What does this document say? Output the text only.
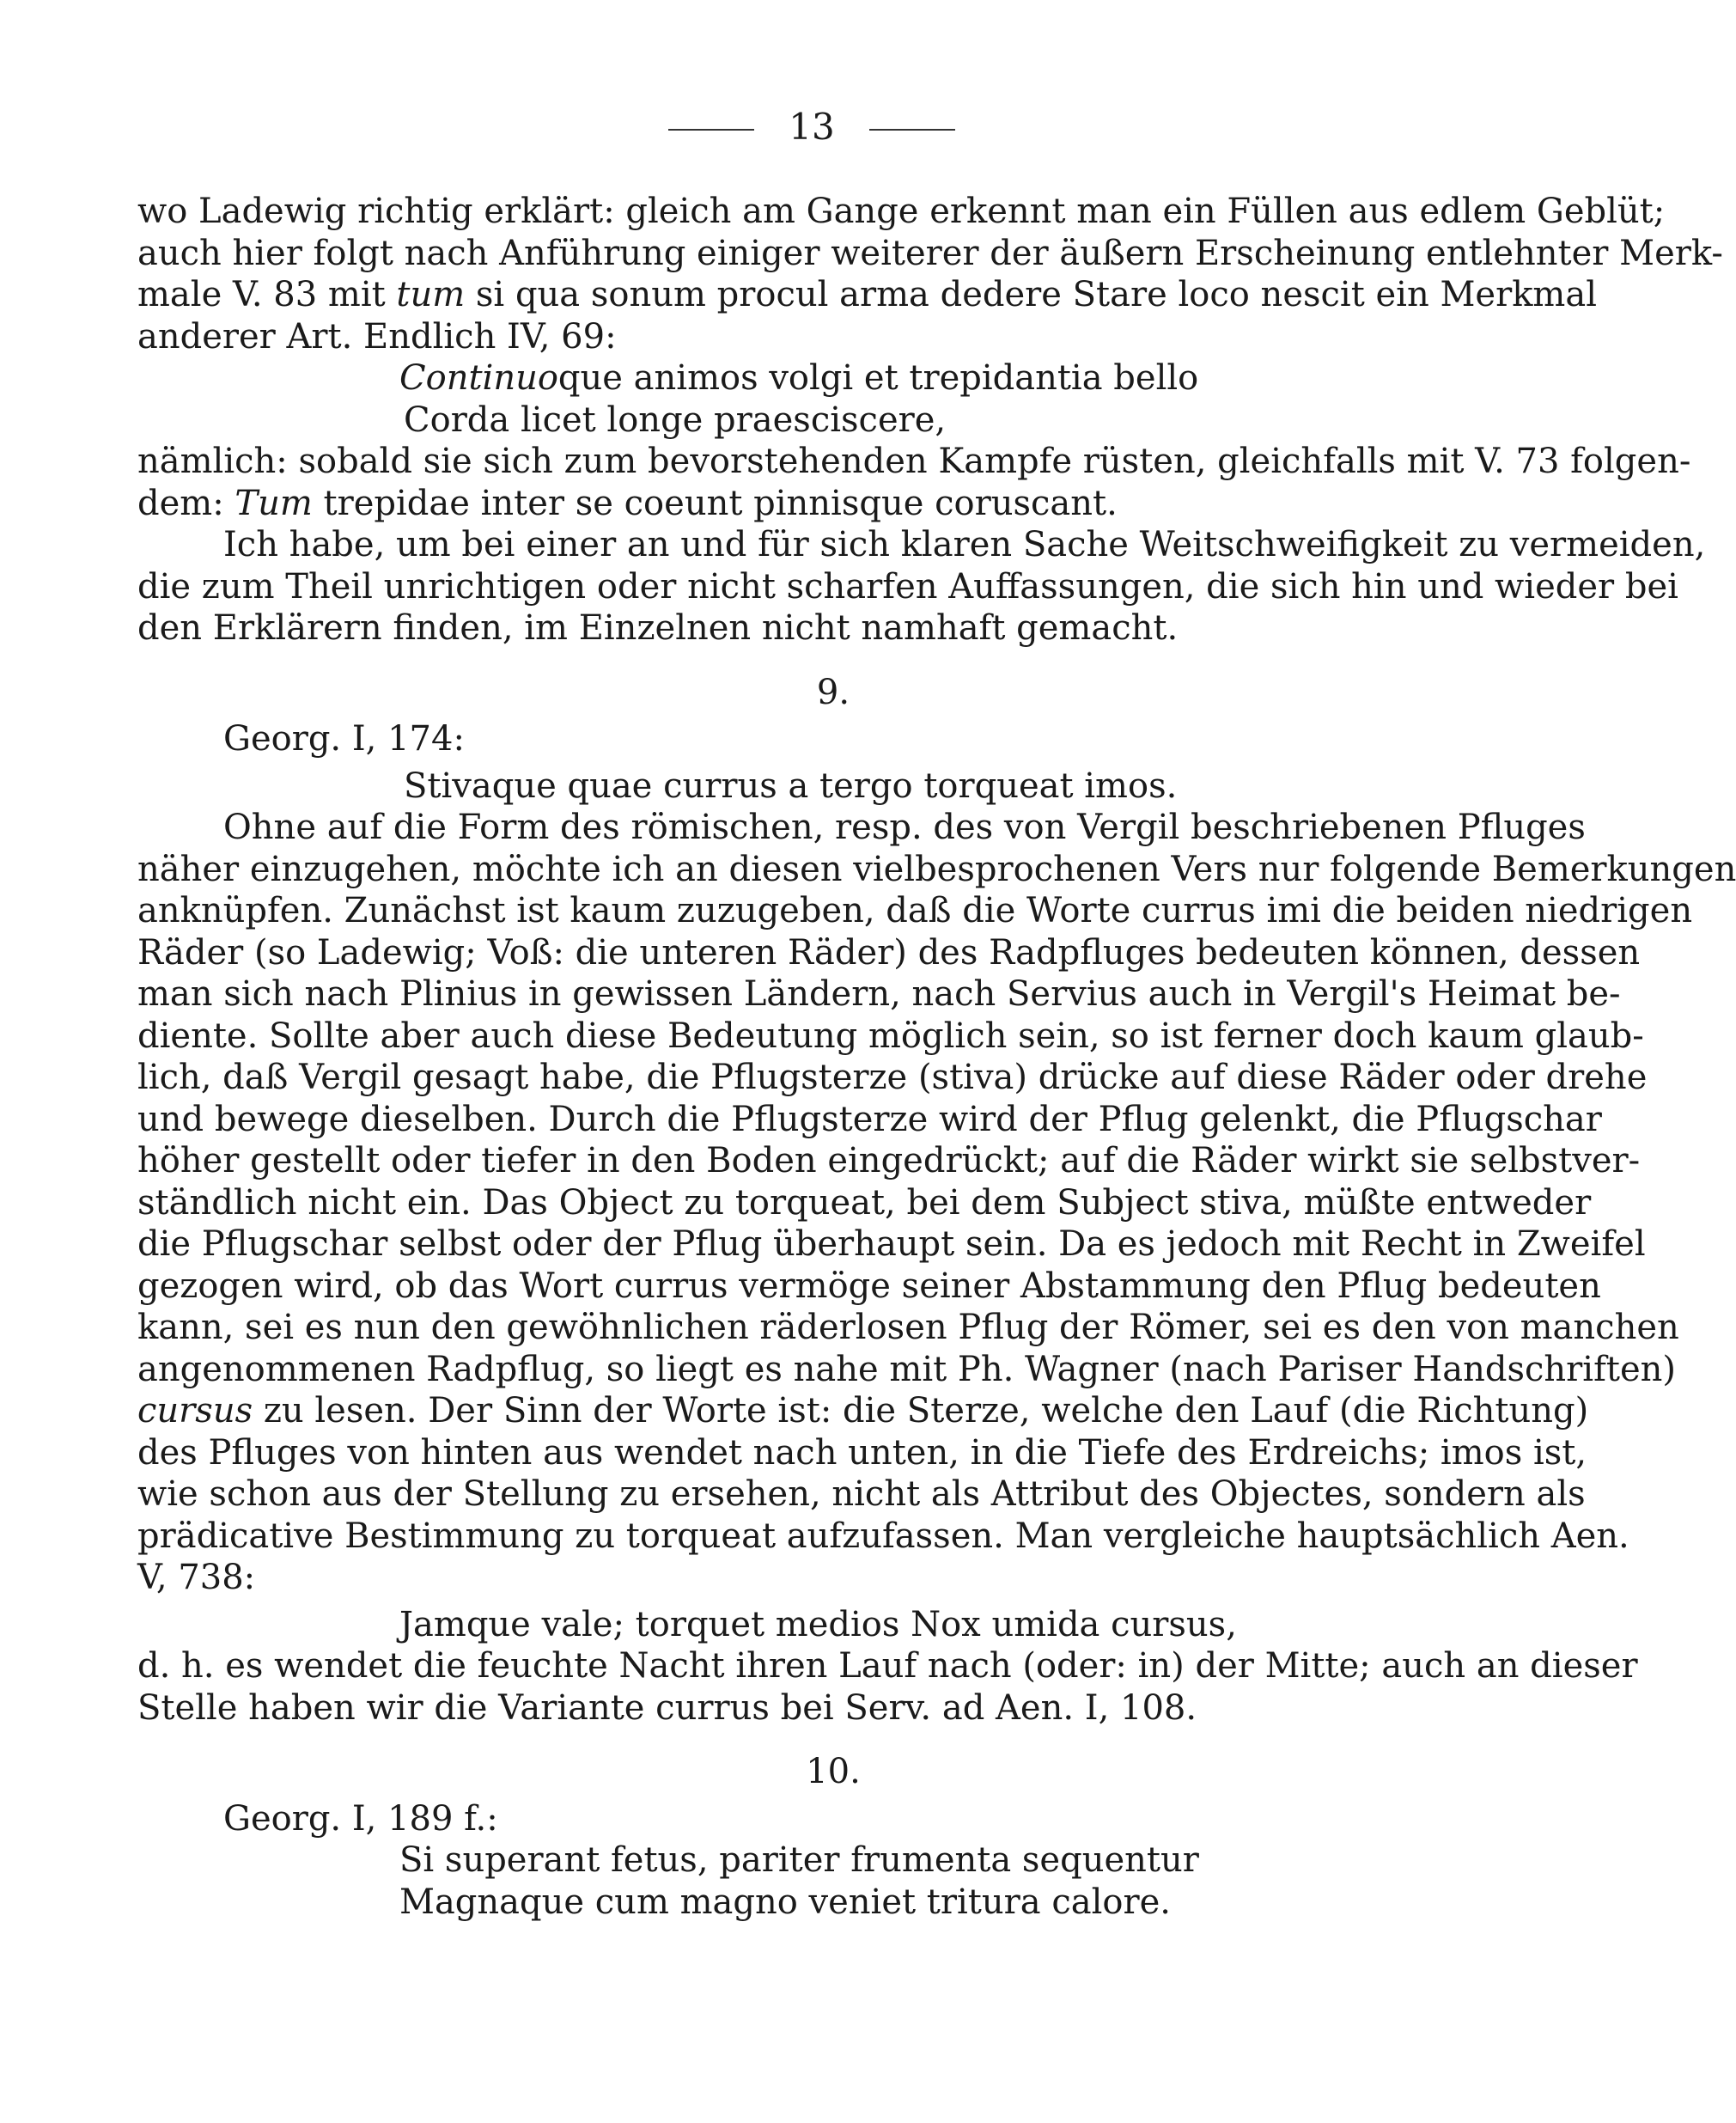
13
wo Ladewig richtig erklärt: gleich am Gange erkennt man ein Füllen aus edlem Geblüt;
auch hier folgt nach Anführung einiger weiterer der äußern Erscheinung entlehnter Merk-
male V. 83 mit tum si qua sonum procul arma dedere Stare loco nescit ein Merkmal
anderer Art. Endlich IV, 69:
Continuoque animos volgi et trepidantia bello
Corda licet longe praesciscere,
nämlich: sobald sie sich zum bevorstehenden Kampfe rüsten, gleichfalls mit V. 73 folgen-
dem: Tum trepidae inter se coeunt pinnisque coruscant.
Ich habe, um bei einer an und für sich klaren Sache Weitschweifigkeit zu vermeiden,
die zum Theil unrichtigen oder nicht scharfen Auffassungen, die sich hin und wieder bei
den Erklärern finden, im Einzelnen nicht namhaft gemacht.
9.
Georg. I, 174:
Stivaque quae currus a tergo torqueat imos.
Ohne auf die Form des römischen, resp. des von Vergil beschriebenen Pfluges
näher einzugehen, möchte ich an diesen vielbesprochenen Vers nur folgende Bemerkungen
anknüpfen. Zunächst ist kaum zuzugeben, daß die Worte currus imi die beiden niedrigen
Räder (so Ladewig; Voß: die unteren Räder) des Radpfluges bedeuten können, dessen
man sich nach Plinius in gewissen Ländern, nach Servius auch in Vergil's Heimat be-
diente. Sollte aber auch diese Bedeutung möglich sein, so ist ferner doch kaum glaub-
lich, daß Vergil gesagt habe, die Pflugsterze (stiva) drücke auf diese Räder oder drehe
und bewege dieselben. Durch die Pflugsterze wird der Pflug gelenkt, die Pflugschar
höher gestellt oder tiefer in den Boden eingedrückt; auf die Räder wirkt sie selbstver-
ständlich nicht ein. Das Object zu torqueat, bei dem Subject stiva, müßte entweder
die Pflugschar selbst oder der Pflug überhaupt sein. Da es jedoch mit Recht in Zweifel
gezogen wird, ob das Wort currus vermöge seiner Abstammung den Pflug bedeuten
kann, sei es nun den gewöhnlichen räderlosen Pflug der Römer, sei es den von manchen
angenommenen Radpflug, so liegt es nahe mit Ph. Wagner (nach Pariser Handschriften)
cursus zu lesen. Der Sinn der Worte ist: die Sterze, welche den Lauf (die Richtung)
des Pfluges von hinten aus wendet nach unten, in die Tiefe des Erdreichs; imos ist,
wie schon aus der Stellung zu ersehen, nicht als Attribut des Objectes, sondern als
prädicative Bestimmung zu torqueat aufzufassen. Man vergleiche hauptsächlich Aen.
V, 738:
Jamque vale; torquet medios Nox umida cursus,
d. h. es wendet die feuchte Nacht ihren Lauf nach (oder: in) der Mitte; auch an dieser
Stelle haben wir die Variante currus bei Serv. ad Aen. I, 108.
10.
Georg. I, 189 f.:
Si superant fetus, pariter frumenta sequentur
Magnaque cum magno veniet tritura calore.
